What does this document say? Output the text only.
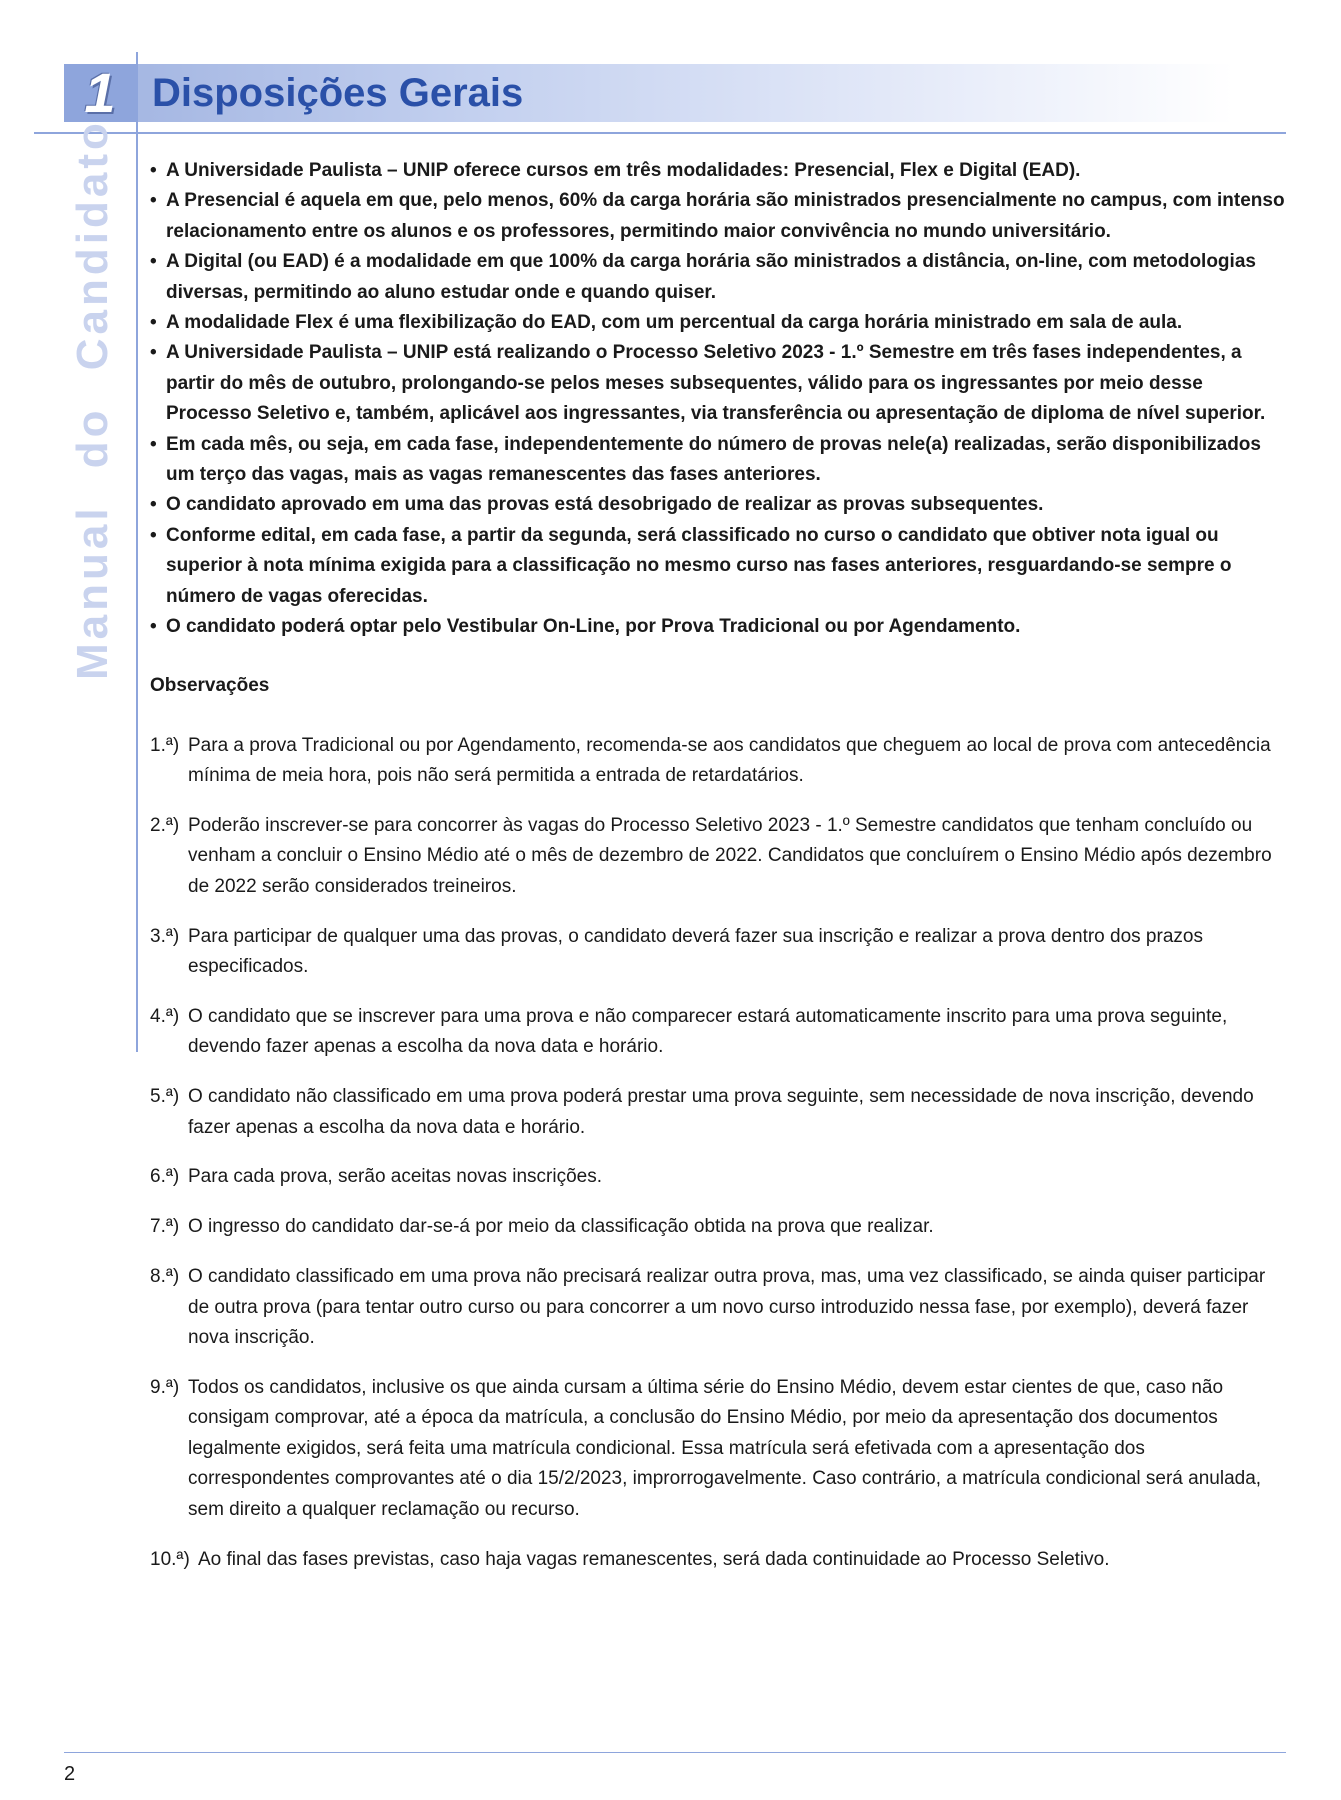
1 Disposições Gerais
Manual do Candidato
•	A Universidade Paulista – UNIP oferece cursos em três modalidades: Presencial, Flex e Digital (EAD).
• A Presencial é aquela em que, pelo menos, 60% da carga horária são ministrados presencialmente no campus, com intenso relacionamento entre os alunos e os professores, permitindo maior convivência no mundo universitário.
• A Digital (ou EAD) é a modalidade em que 100% da carga horária são ministrados a distância, on-line, com metodologias diversas, permitindo ao aluno estudar onde e quando quiser.
• A modalidade Flex é uma flexibilização do EAD, com um percentual da carga horária ministrado em sala de aula.
• A Universidade Paulista – UNIP está realizando o Processo Seletivo 2023 - 1.º Semestre em três fases independentes, a partir do mês de outubro, prolongando-se pelos meses subsequentes, válido para os ingressantes por meio desse Processo Seletivo e, também, aplicável aos ingressantes, via transferência ou apresentação de diploma de nível superior.
• Em cada mês, ou seja, em cada fase, independentemente do número de provas nele(a) realizadas, serão disponibilizados um terço das vagas, mais as vagas remanescentes das fases anteriores.
• O candidato aprovado em uma das provas está desobrigado de realizar as provas subsequentes.
• Conforme edital, em cada fase, a partir da segunda, será classificado no curso o candidato que obtiver nota igual ou superior à nota mínima exigida para a classificação no mesmo curso nas fases anteriores, resguardando-se sempre o número de vagas oferecidas.
• O candidato poderá optar pelo Vestibular On-Line, por Prova Tradicional ou por Agendamento.
Observações
1.ª) Para a prova Tradicional ou por Agendamento, recomenda-se aos candidatos que cheguem ao local de prova com antecedência mínima de meia hora, pois não será permitida a entrada de retardatários.
2.ª) Poderão inscrever-se para concorrer às vagas do Processo Seletivo 2023 - 1.º Semestre candidatos que tenham concluído ou venham a concluir o Ensino Médio até o mês de dezembro de 2022. Candidatos que concluírem o Ensino Médio após dezembro de 2022 serão considerados treineiros.
3.ª) Para participar de qualquer uma das provas, o candidato deverá fazer sua inscrição e realizar a prova dentro dos prazos especificados.
4.ª) O candidato que se inscrever para uma prova e não comparecer estará automaticamente inscrito para uma prova seguinte, devendo fazer apenas a escolha da nova data e horário.
5.ª) O candidato não classificado em uma prova poderá prestar uma prova seguinte, sem necessidade de nova inscrição, devendo fazer apenas a escolha da nova data e horário.
6.ª) Para cada prova, serão aceitas novas inscrições.
7.ª) O ingresso do candidato dar-se-á por meio da classificação obtida na prova que realizar.
8.ª) O candidato classificado em uma prova não precisará realizar outra prova, mas, uma vez classificado, se ainda quiser participar de outra prova (para tentar outro curso ou para concorrer a um novo curso introduzido nessa fase, por exemplo), deverá fazer nova inscrição.
9.ª) Todos os candidatos, inclusive os que ainda cursam a última série do Ensino Médio, devem estar cientes de que, caso não consigam comprovar, até a época da matrícula, a conclusão do Ensino Médio, por meio da apresentação dos documentos legalmente exigidos, será feita uma matrícula condicional. Essa matrícula será efetivada com a apresentação dos correspondentes comprovantes até o dia 15/2/2023, improrrogavelmente. Caso contrário, a matrícula condicional será anulada, sem direito a qualquer reclamação ou recurso.
10.ª) Ao final das fases previstas, caso haja vagas remanescentes, será dada continuidade ao Processo Seletivo.
2
